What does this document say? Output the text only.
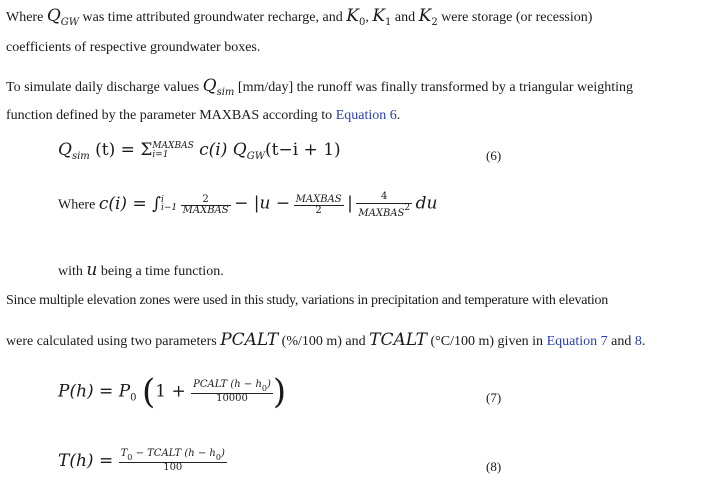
Where $Q_{GW}$ was time attributed groundwater recharge, and $K_0$, $K_1$ and $K_2$ were storage (or recession)
coefficients of respective groundwater boxes.
To simulate daily discharge values $Q_{sim}$ [mm/day] the runoff was finally transformed by a triangular weighting
function defined by the parameter MAXBAS according to Equation 6.
$Q_{sim}$ (t) = Σ MAXBAS
i=1	c(i) $Q_{GW}(t-i + 1)$	(6)
Where c(i) = ∫ i
i−1
$\frac{2}{\text{MAXBAS}} - |u - \frac{\text{MAXBAS}}{2}$ | $\frac{4}{\text{MAXBAS2}}$ du
with u being a time function.
Since multiple elevation zones were used in this study, variations in precipitation and temperature with elevation
were calculated using two parameters PCALT (%/100 m) and TCALT (°C/100 m) given in Equation 7 and 8.
$P(h) = P_0$ ($1 + \frac{PCALT (h - h_0)}{10000}$ )	(7)
$T(h) = \frac{T_0 - TCALT (h - h_0)}{100}$	(8)
